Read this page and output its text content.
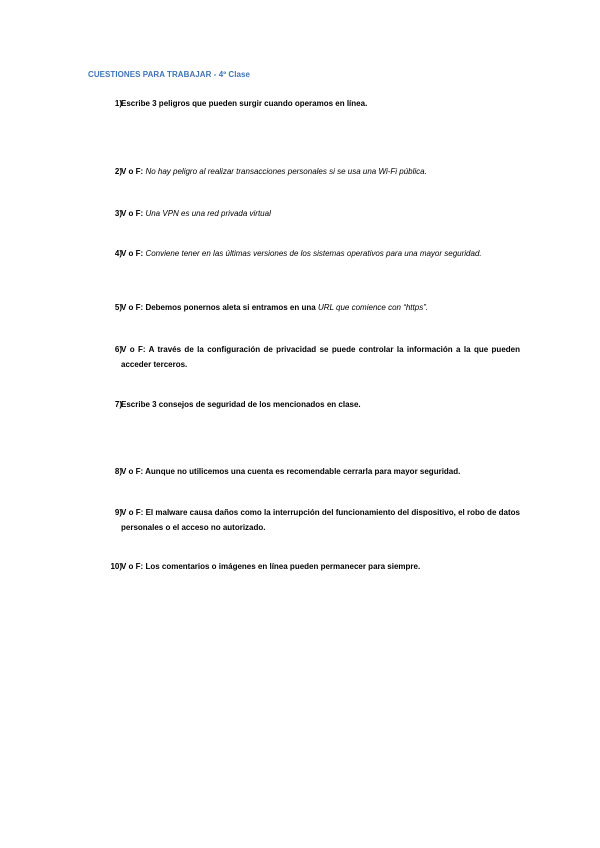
CUESTIONES PARA TRABAJAR - 4º Clase
1) Escribe 3 peligros que pueden surgir cuando operamos en línea.
2) V o F: No hay peligro al realizar transacciones personales si se usa una Wi-Fi pública.
3) V o F: Una VPN es una red privada virtual
4) V o F: Conviene tener en las últimas versiones de los sistemas operativos para una mayor seguridad.
5) V o F: Debemos ponernos aleta si entramos en una URL que comience con “https”.
6) V o F: A través de la configuración de privacidad se puede controlar la información a la que pueden acceder terceros.
7) Escribe 3 consejos de seguridad de los mencionados en clase.
8) V o F: Aunque no utilicemos una cuenta es recomendable cerrarla para mayor seguridad.
9) V o F: El malware causa daños como la interrupción del funcionamiento del dispositivo, el robo de datos personales o el acceso no autorizado.
10) V o F: Los comentarios o imágenes en línea pueden permanecer para siempre.
